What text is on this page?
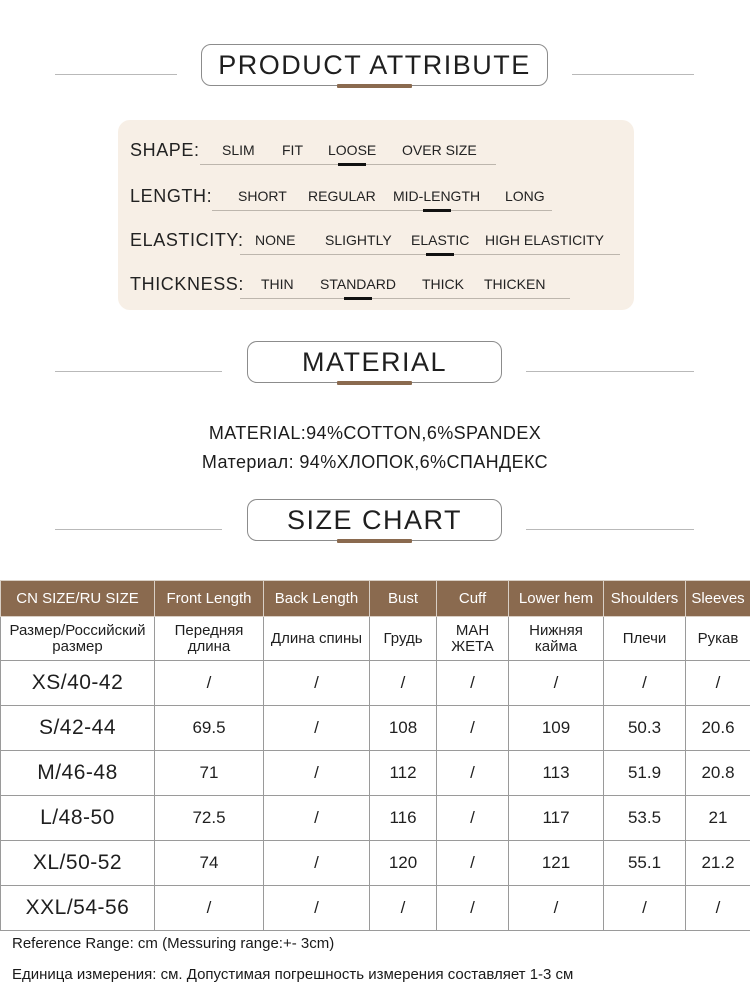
PRODUCT ATTRIBUTE
SHAPE: SLIM FIT LOOSE OVER SIZE
LENGTH: SHORT REGULAR MID-LENGTH LONG
ELASTICITY: NONE SLIGHTLY ELASTIC HIGH ELASTICITY
THICKNESS: THIN STANDARD THICK THICKEN
MATERIAL
MATERIAL:94%COTTON,6%SPANDEX
Материал: 94%ХЛОПОК,6%СПАНДЕКС
SIZE CHART
CN SIZE/RU SIZE	Front Length	Back Length	Bust	Cuff	Lower hem	Shoulders	Sleeves
Размер/Российский размер	Передняя длина	Длина спины	Грудь	МАН ЖЕТА	Нижняя кайма	Плечи	Рукав
XS/40-42	/	/	/	/	/	/	/
S/42-44	69.5	/	108	/	109	50.3	20.6
M/46-48	71	/	112	/	113	51.9	20.8
L/48-50	72.5	/	116	/	117	53.5	21
XL/50-52	74	/	120	/	121	55.1	21.2
XXL/54-56	/	/	/	/	/	/	/
Reference Range: cm (Messuring range:+- 3cm)
Единица измерения: см. Допустимая погрешность измерения составляет 1-3 см
